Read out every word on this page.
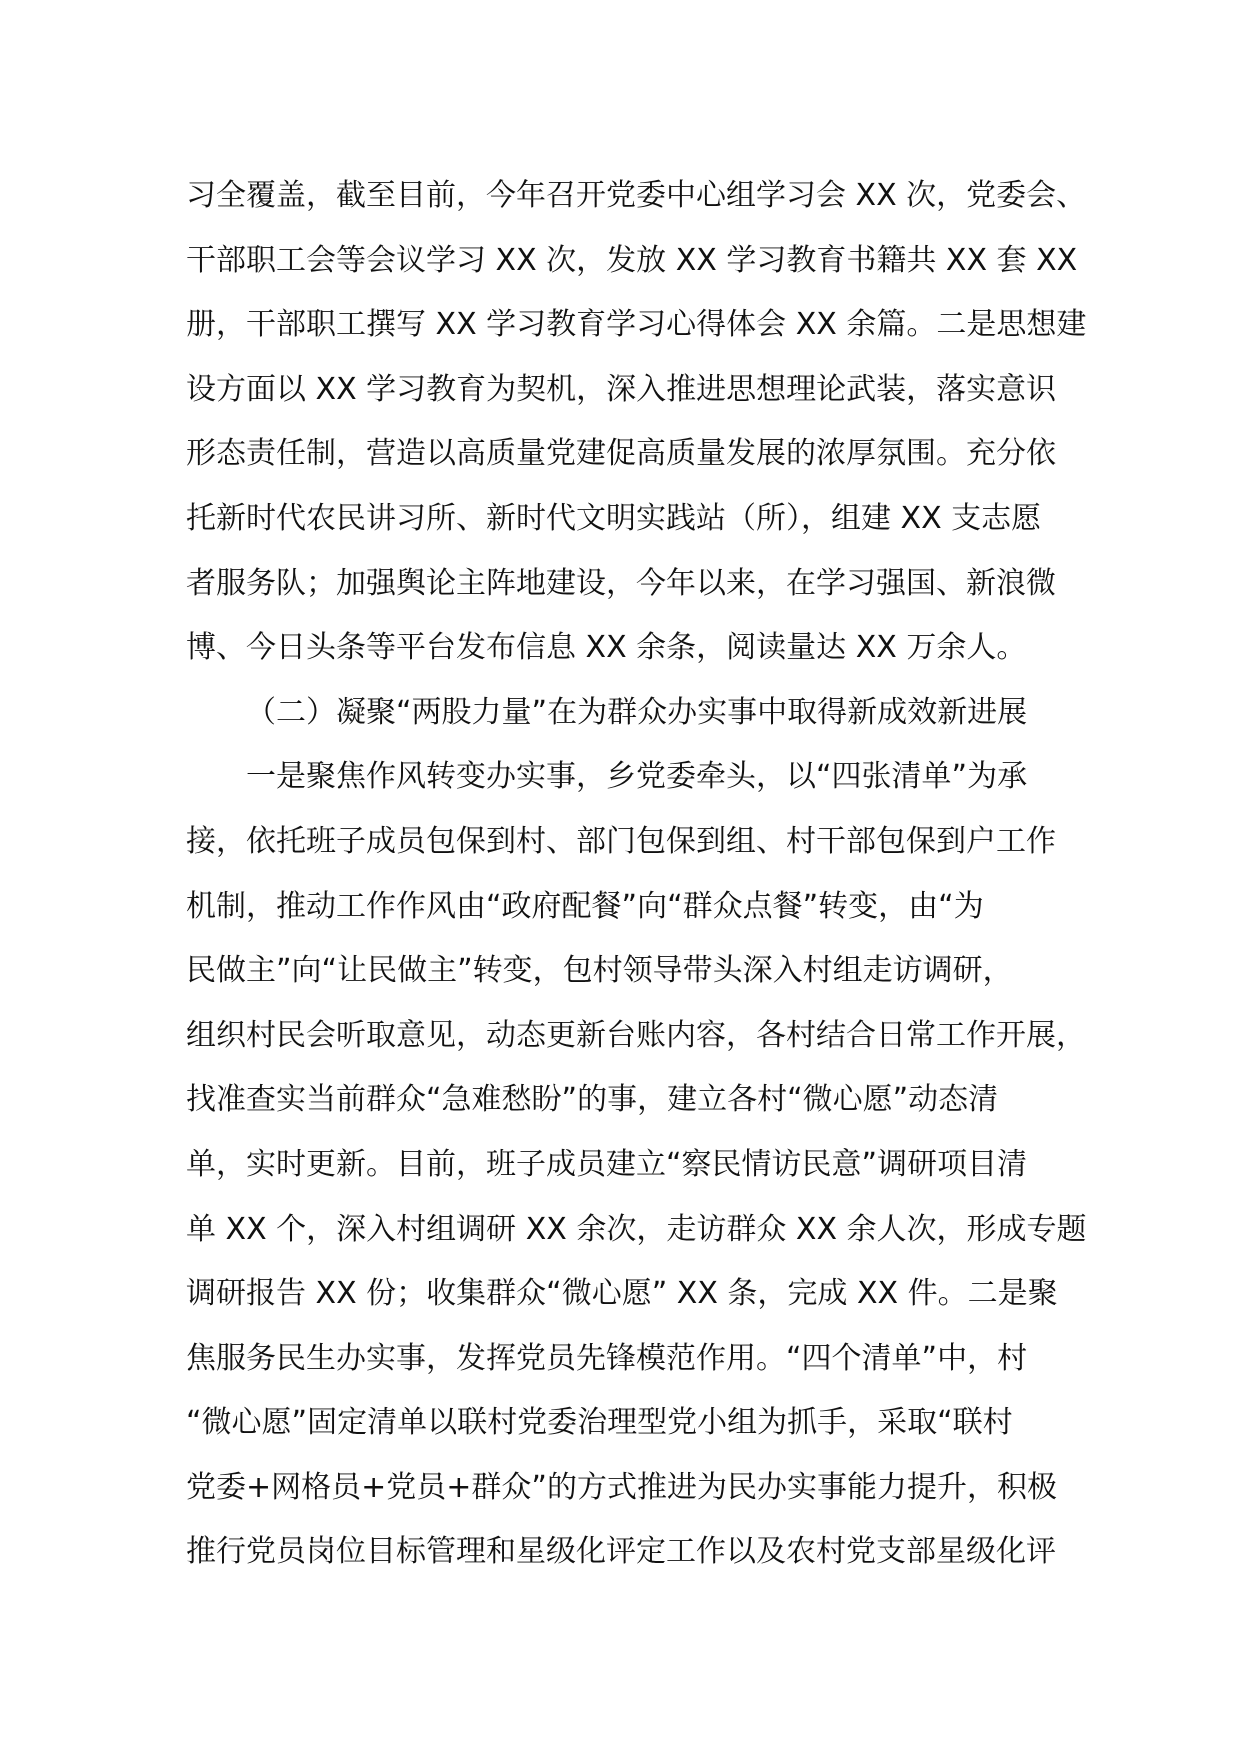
习全覆盖，截至目前，今年召开党委中心组学习会 XX 次，党委会、
干部职工会等会议学习 XX 次，发放 XX 学习教育书籍共 XX 套 XX
册，干部职工撰写 XX 学习教育学习心得体会 XX 余篇。二是思想建
设方面以 XX 学习教育为契机，深入推进思想理论武装，落实意识
形态责任制，营造以高质量党建促高质量发展的浓厚氛围。充分依
托新时代农民讲习所、新时代文明实践站（所），组建 XX 支志愿
者服务队；加强舆论主阵地建设，今年以来，在学习强国、新浪微
博、今日头条等平台发布信息 XX 余条，阅读量达 XX 万余人。
（二）凝聚“两股力量”在为群众办实事中取得新成效新进展
一是聚焦作风转变办实事，乡党委牵头，以“四张清单”为承
接，依托班子成员包保到村、部门包保到组、村干部包保到户工作
机制，推动工作作风由“政府配餐”向“群众点餐”转变，由“为
民做主”向“让民做主”转变，包村领导带头深入村组走访调研，
组织村民会听取意见，动态更新台账内容，各村结合日常工作开展，
找准查实当前群众“急难愁盼”的事，建立各村“微心愿”动态清
单，实时更新。目前，班子成员建立“察民情访民意”调研项目清
单 XX 个，深入村组调研 XX 余次，走访群众 XX 余人次，形成专题
调研报告 XX 份；收集群众“微心愿” XX 条，完成 XX 件。二是聚
焦服务民生办实事，发挥党员先锋模范作用。“四个清单”中，村
“微心愿”固定清单以联村党委治理型党小组为抓手，采取“联村
党委+网格员+党员+群众”的方式推进为民办实事能力提升，积极
推行党员岗位目标管理和星级化评定工作以及农村党支部星级化评
